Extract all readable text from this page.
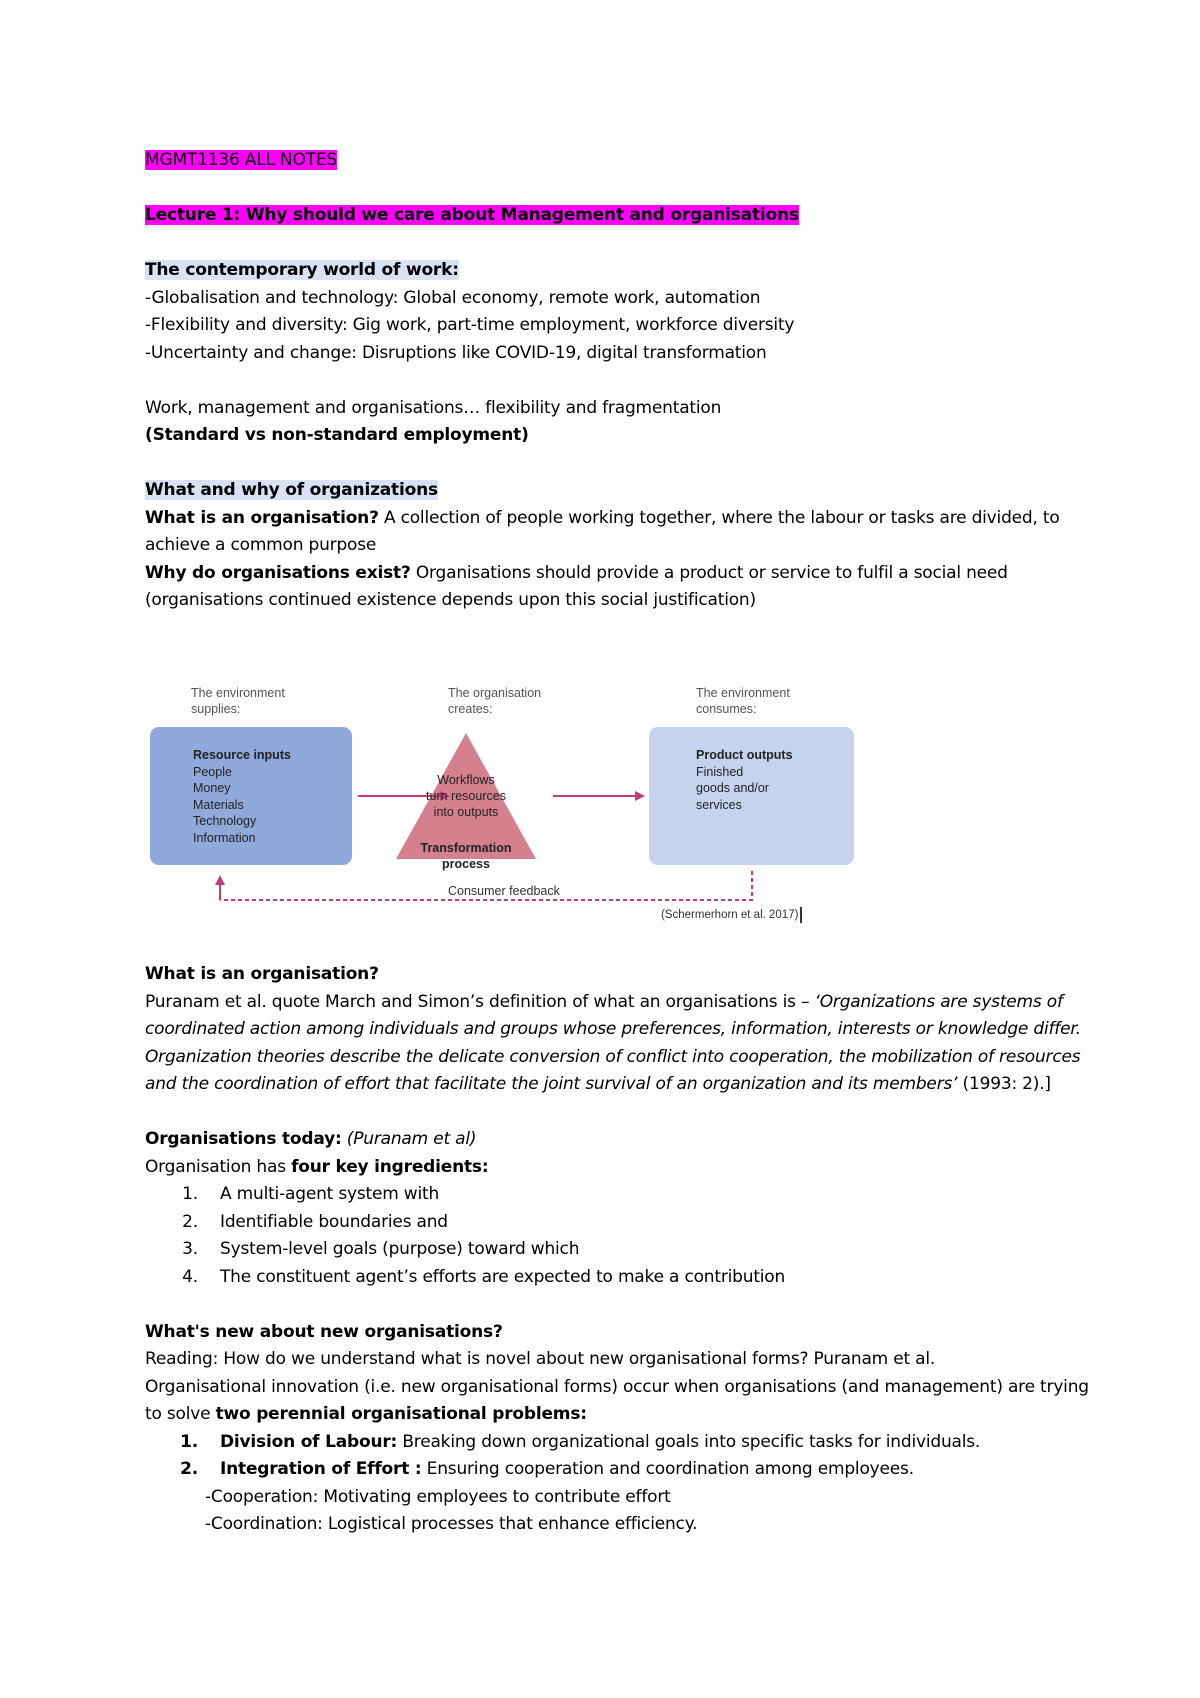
MGMT1136 ALL NOTES

Lecture 1: Why should we care about Management and organisations

The contemporary world of work:

-Globalisation and technology: Global economy, remote work, automation

-Flexibility and diversity: Gig work, part-time employment, workforce diversity

-Uncertainty and change: Disruptions like COVID-19, digital transformation

Work, management and organisations… flexibility and fragmentation

(Standard vs non-standard employment)

What and why of organizations

What is an organisation? A collection of people working together, where the labour or tasks are divided, to achieve a common purpose

Why do organisations exist? Organisations should provide a product or service to fulfil a social need (organisations continued existence depends upon this social justification)

The environment
supplies:
The organisation
creates:
The environment
consumes:
Resource inputs
People
Money
Materials
Technology
Information
Workflows
turn resources
into outputs
Transformation process
Product outputs
Finished
goods and/or
services
Consumer feedback
(Schermerhorn et al. 2017)

What is an organisation?

Puranam et al. quote March and Simon’s definition of what an organisations is – ‘Organizations are systems of coordinated action among individuals and groups whose preferences, information, interests or knowledge differ. Organization theories describe the delicate conversion of conflict into cooperation, the mobilization of resources and the coordination of effort that facilitate the joint survival of an organization and its members’ (1993: 2).]

Organisations today: (Puranam et al)

Organisation has four key ingredients:

1.	A multi-agent system with
2.	Identifiable boundaries and
3.	System-level goals (purpose) toward which
4.	The constituent agent’s efforts are expected to make a contribution

What's new about new organisations?

Reading: How do we understand what is novel about new organisational forms? Puranam et al.

Organisational innovation (i.e. new organisational forms) occur when organisations (and management) are trying to solve two perennial organisational problems:

1.	Division of Labour: Breaking down organizational goals into specific tasks for individuals.
2.	Integration of Effort : Ensuring cooperation and coordination among employees.

-Cooperation: Motivating employees to contribute effort

-Coordination: Logistical processes that enhance efficiency.
